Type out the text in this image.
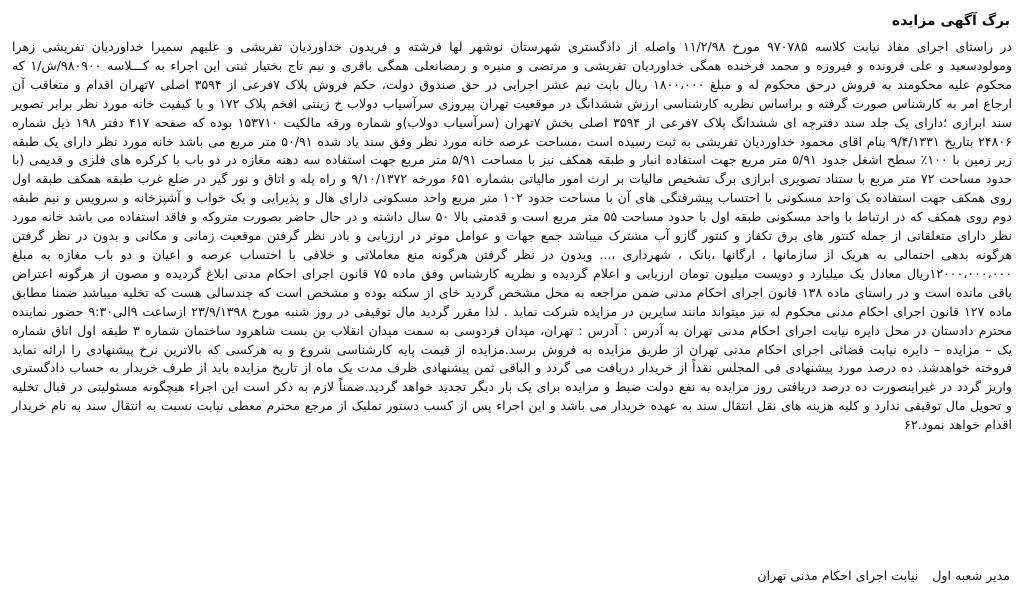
برگ آگهی مزایده

در راستای اجرای مفاد نیابت کلاسه ۹۷۰۷۸۵ مورخ ۱۱/۲/۹۸ واصله از دادگستری شهرستان نوشهر لها فرشته و فریدون خداوردیان تفریشی و علیهم سمیرا خداوردیان تفریشی زهرا ومولودسعید و علی فرونده و فیروزه و محمد فرخنده همگی خداوردیان تفریشی و مرتضی و منیره و رمضانعلی همگی باقری و نیم تاج بختیار ثبتی این اجراء به کـــلاسه ۹۸۰۹۰۰/ش/۱ که محکوم علیه محکومند به فروش درحق محکوم له و مبلغ ۱۸۰۰،۰۰۰ ریال بابت نیم عشر اجرایی در حق صندوق دولت، حکم فروش پلاک ۷فرعی از ۳۵۹۴ اصلی ۷تهران اقدام و متعاقب آن ارجاع امر به کارشناس صورت گرفته و براساس نظریه کارشناسی ارزش ششدانگ در موقعیت تهران پیروزی سرآسیاب دولاب خ زینتی افخم پلاک ۱۷۲ و با کیفیت خانه مورد نظر برابر تصویر سند ابرازی ؛دارای یک جلد سند دفترچه ای ششدانگ پلاک ۷فرعی از ۳۵۹۴ اصلی بخش ۷تهران (سرآسیاب دولاب)و شماره ورقه مالکیت ۱۵۳۷۱۰ بوده که صفحه ۴۱۷ دفتر ۱۹۸ ذیل شماره ۲۴۸۰۶ بتاریخ ۹/۴/۱۳۳۱ بنام اقای محمود خداوردیان تفریشی به ثبت رسیده است ،مساحت عرصه خانه مورد نظر وفق سند یاد شده ۵۰/۹۱ متر مربع می باشد خانه مورد نظر دارای یک طبقه زیر زمین با ۱۰۰٪ سطح اشغل جدود ۵/۹۱ متر مربع جهت استفاده انبار و طبقه همکف نیز با مساحت ۵/۹۱ متر مربع جهت استفاده سه دهنه مغازه در دو باب با کرکره های فلزی و قدیمی (با حدود مساحت ۷۲ متر مربع با ستناد تصویری ابرازی برگ تشخیص مالیات بر ارث امور مالیاتی بشماره ۶۵۱ مورخه ۹/۱۰/۱۳۷۲ و راه پله و اتاق و نور گیر در ضلع غرب طبقه همکف طبقه اول روی همکف جهت استفاده یک واحد مسکونی با احتساب پیشرفتگی های آن با مساحت حدود ۱۰۲ متر مربع واحد مسکونی دارای هال و پذیرایی و یک خواب و آشپزخانه و سرویس و نیم طبقه دوم روی همکف که در ارتباط با واحد مسکونی طبقه اول با حدود مساحت ۵۵ متر مربع است و قدمتی بالا ۵۰ سال داشته و در حال حاضر بصورت متروکه و فاقد استفاده می باشد خانه مورد نظر دارای متعلقاتی از جمله کنتور های برق تکفاز و کنتور گازو آب مشترک میباشد جمع جهات و عوامل موثر در ارزیابی و بادر نظر گرفتن موقعیت زمانی و مکانی و بدون در نظر گرفتن هرگونه بدهی احتمالی به هریک از سازمانها ، ارگانها ،بانک ، شهرداری ،... وبدون در نظر گرفتن هرگونه منع معاملاتی و خلافی با احتساب عرصه و اعیان و دو باب مغازه به مبلغ ۱۲۰۰۰،۰۰۰،۰۰۰ریال معادل یک میلیارد و دویست میلیون تومان ارزیابی و اعلام گردیده و نظریه کارشناس وفق ماده ۷۵ قانون اجرای احکام مدنی ابلاغ گردیده و مصون از هرگونه اعتراض باقی مانده است و در راستای ماده ۱۳۸ قانون اجرای احکام مدنی ضمن مراجعه به محل مشخص گردید خای از سکنه بوده و مشخص است که چندسالی هست که تخلیه میباشد ضمنا مطابق ماده ۱۲۷ قانون اجرای احکام مدنی محکوم له نیز میتواند مانند سایرین در مزایده شرکت نماید . لذا مقرر گردید مال توقیفی در روز شنبه مورخ ۲۳/۹/۱۳۹۸ ازساعت ۹الی۹:۳۰ حضور نماینده محترم دادستان در محل دایره نیابت اجرای احکام مدنی تهران به آدرس : آدرس : تهران، میدان فردوسی به سمت میدان انقلاب بن بست شاهرود ساختمان شماره ۳ طبقه اول اتاق شماره یک – مزایده – دایره نیابت قضائی اجرای احکام مدنی تهران از طریق مزایده به فروش برسد.مزایده از قیمت پایه کارشناسی شروع و به هرکسی که بالاترین نرخ پیشنهادی را ارائه نماید فروخته خواهدشد. ده درصد مورد پیشنهادی فی المجلس نقداً از خریدار دریافت می گردد و الباقی ثمن پیشنهادی ظرف مدت یک ماه از تاریخ مزایده باید از طرف خریدار به حساب دادگستری واریز گردد در غیراینصورت ده درصد دریافتی روز مزایده به نفع دولت ضبط و مزایده برای یک بار دیگر تجدید خواهد گردید.ضمناً لازم به ذکر است این اجراء هیچگونه مسئولیتی در قبال تخلیه و تحویل مال توقیفی ندارد و کلیه هزینه های نقل انتقال سند به عهده خریدار می باشد و این اجراء پس از کسب دستور تملیک از مرجع محترم معطی نیابت نسبت به انتقال سند به نام خریدار اقدام خواهد نمود.۶۲

مدیر شعبه اول
نیابت اجرای احکام مدنی تهران
